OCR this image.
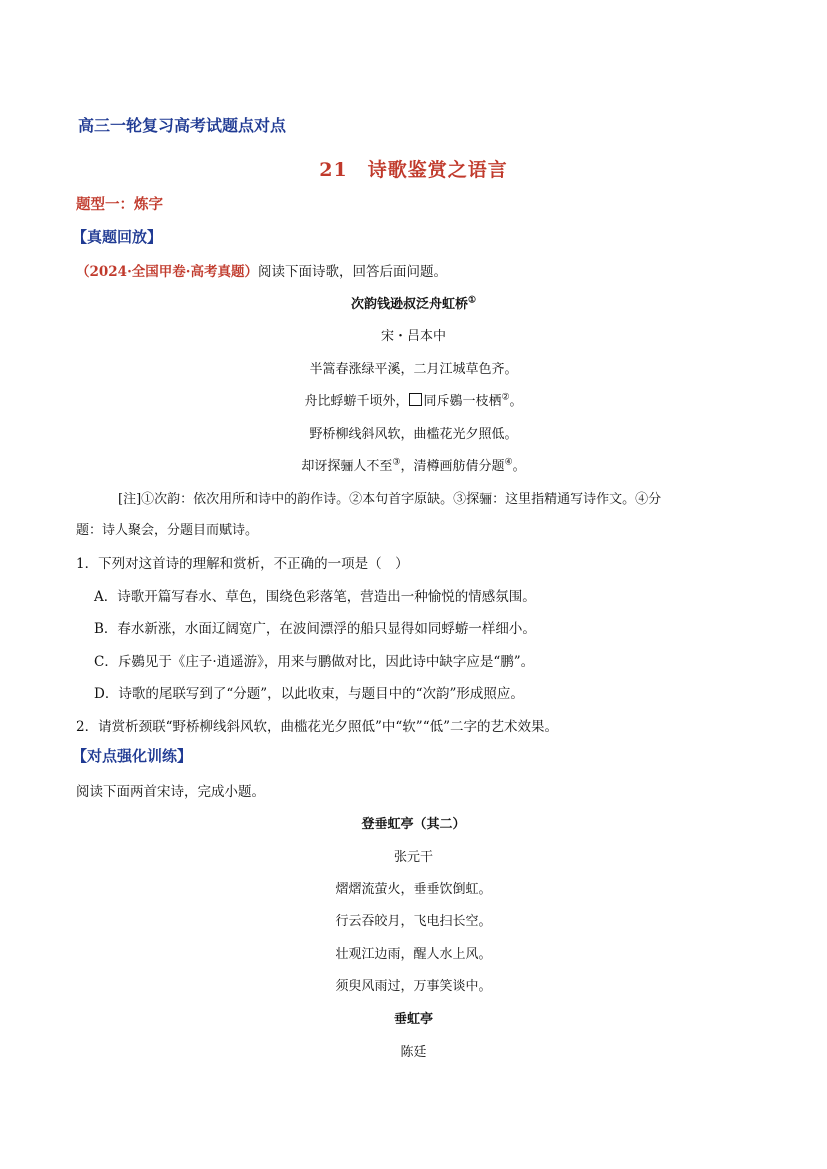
高三一轮复习高考试题点对点
21　诗歌鉴赏之语言
题型一：炼字
【真题回放】
（2024·全国甲卷·高考真题）阅读下面诗歌，回答后面问题。
次韵钱逊叔泛舟虹桥①
宋・吕本中
半篙春涨绿平溪，二月江城草色齐。
舟比蜉蝣千顷外， 同斥鷃一枝栖②。
野桥柳线斜风软，曲槛花光夕照低。
却讶探骊人不至③，清樽画舫倩分题④。
[注]①次韵：依次用所和诗中的韵作诗。②本句首字原缺。③探骊：这里指精通写诗作文。④分
题：诗人聚会，分题目而赋诗。
1．下列对这首诗的理解和赏析，不正确的一项是（　）
A．诗歌开篇写春水、草色，围绕色彩落笔，营造出一种愉悦的情感氛围。
B．春水新涨，水面辽阔宽广，在波间漂浮的船只显得如同蜉蝣一样细小。
C．斥鷃见于《庄子·逍遥游》，用来与鹏做对比，因此诗中缺字应是“鹏”。
D．诗歌的尾联写到了“分题”，以此收束，与题目中的“次韵”形成照应。
2．请赏析颈联“野桥柳线斜风软，曲槛花光夕照低”中“软”“低”二字的艺术效果。
【对点强化训练】
阅读下面两首宋诗，完成小题。
登垂虹亭（其二）
张元干
熠熠流萤火，垂垂饮倒虹。
行云吞皎月，飞电扫长空。
壮观江边雨，醒人水上风。
须臾风雨过，万事笑谈中。
垂虹亭
陈廷
